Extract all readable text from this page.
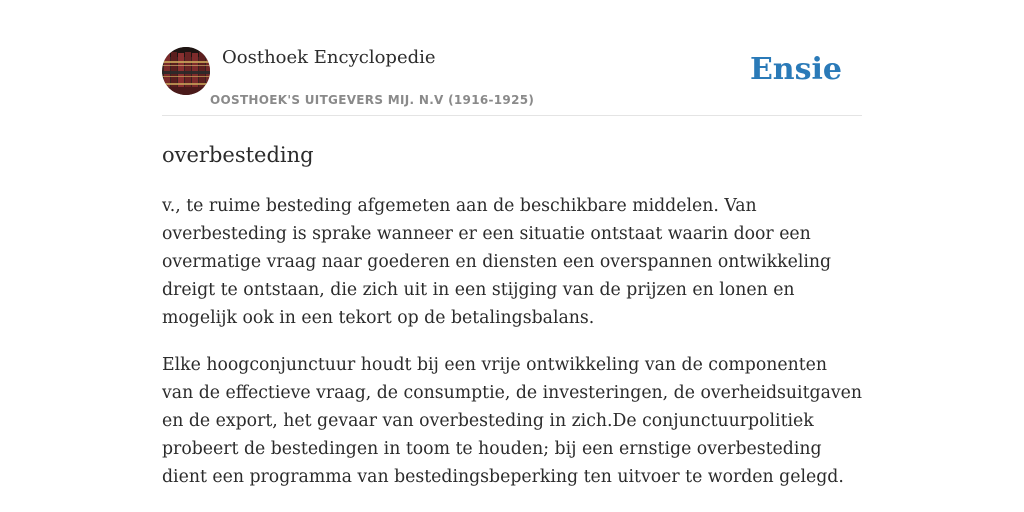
Oosthoek Encyclopedie
OOSTHOEK'S UITGEVERS MIJ. N.V (1916-1925)
Ensie
overbesteding

v., te ruime besteding afgemeten aan de beschikbare middelen. Van overbesteding is sprake wanneer er een situatie ontstaat waarin door een overmatige vraag naar goederen en diensten een overspannen ontwikkeling dreigt te ontstaan, die zich uit in een stijging van de prijzen en lonen en mogelijk ook in een tekort op de betalingsbalans.

Elke hoogconjunctuur houdt bij een vrije ontwikkeling van de componenten van de effectieve vraag, de consumptie, de investeringen, de overheidsuitgaven en de export, het gevaar van overbesteding in zich.De conjunctuurpolitiek probeert de bestedingen in toom te houden; bij een ernstige overbesteding dient een programma van bestedingsbeperking ten uitvoer te worden gelegd.
